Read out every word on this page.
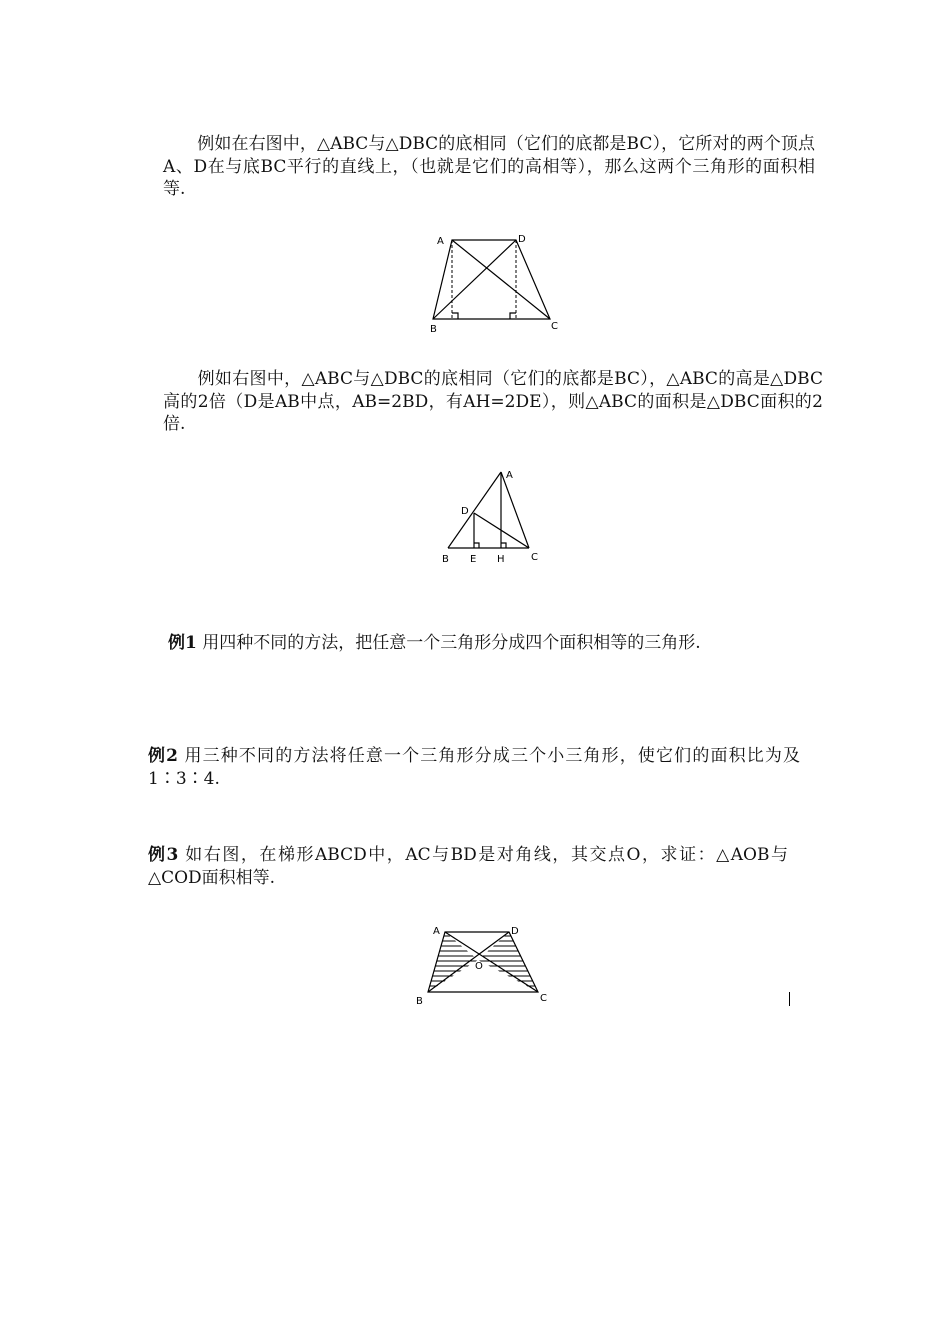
　　例如在右图中，△ABC与△DBC的底相同（它们的底都是BC），它所对的两个顶点A、D在与底BC平行的直线上，（也就是它们的高相等），那么这两个三角形的面积相等.

A	D
B	C

　　例如右图中，△ABC与△DBC的底相同（它们的底都是BC），△ABC的高是△DBC高的2倍（D是AB中点，AB=2BD，有AH=2DE），则△ABC的面积是△DBC面积的2倍.

A
D
B E H	C

例1 用四种不同的方法，把任意一个三角形分成四个面积相等的三角形.

例2 用三种不同的方法将任意一个三角形分成三个小三角形，使它们的面积比为及1∶3∶4.

例3 如右图，在梯形ABCD中，AC与BD是对角线，其交点O，求证：△AOB与△COD面积相等.

A	D
O
B	C
